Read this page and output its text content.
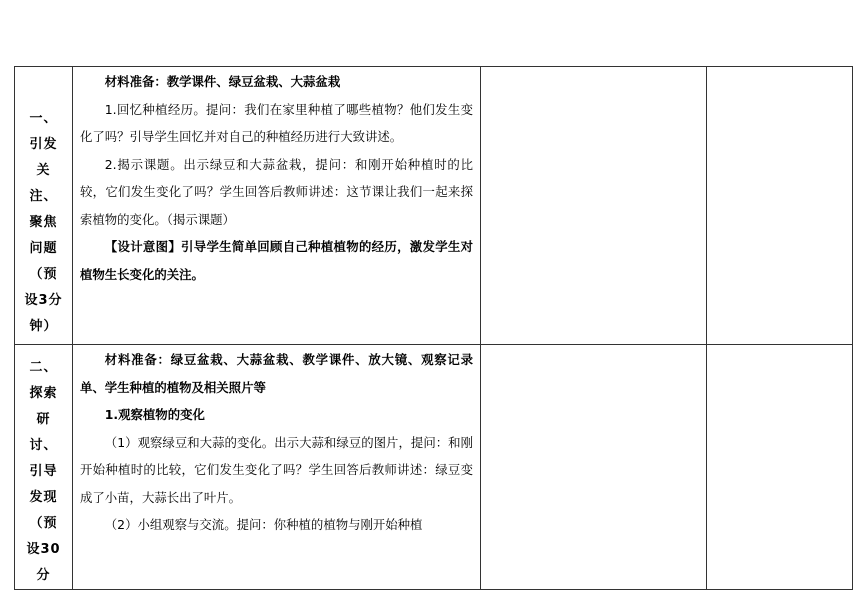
一、引发关注、聚焦问题（预设3分钟）	材料准备：教学课件、绿豆盆栽、大蒜盆栽

1.回忆种植经历。提问：我们在家里种植了哪些植物？他们发生变化了吗？引导学生回忆并对自己的种植经历进行大致讲述。

2.揭示课题。出示绿豆和大蒜盆栽，提问：和刚开始种植时的比较，它们发生变化了吗？学生回答后教师讲述：这节课让我们一起来探索植物的变化。（揭示课题）

【设计意图】引导学生简单回顾自己种植植物的经历，激发学生对植物生长变化的关注。		

二、探索研讨、引导发现（预设30分	材料准备：绿豆盆栽、大蒜盆栽、教学课件、放大镜、观察记录单、学生种植的植物及相关照片等

1.观察植物的变化

（1）观察绿豆和大蒜的变化。出示大蒜和绿豆的图片，提问：和刚开始种植时的比较，它们发生变化了吗？学生回答后教师讲述：绿豆变成了小苗，大蒜长出了叶片。

（2）小组观察与交流。提问：你种植的植物与刚开始种植		
